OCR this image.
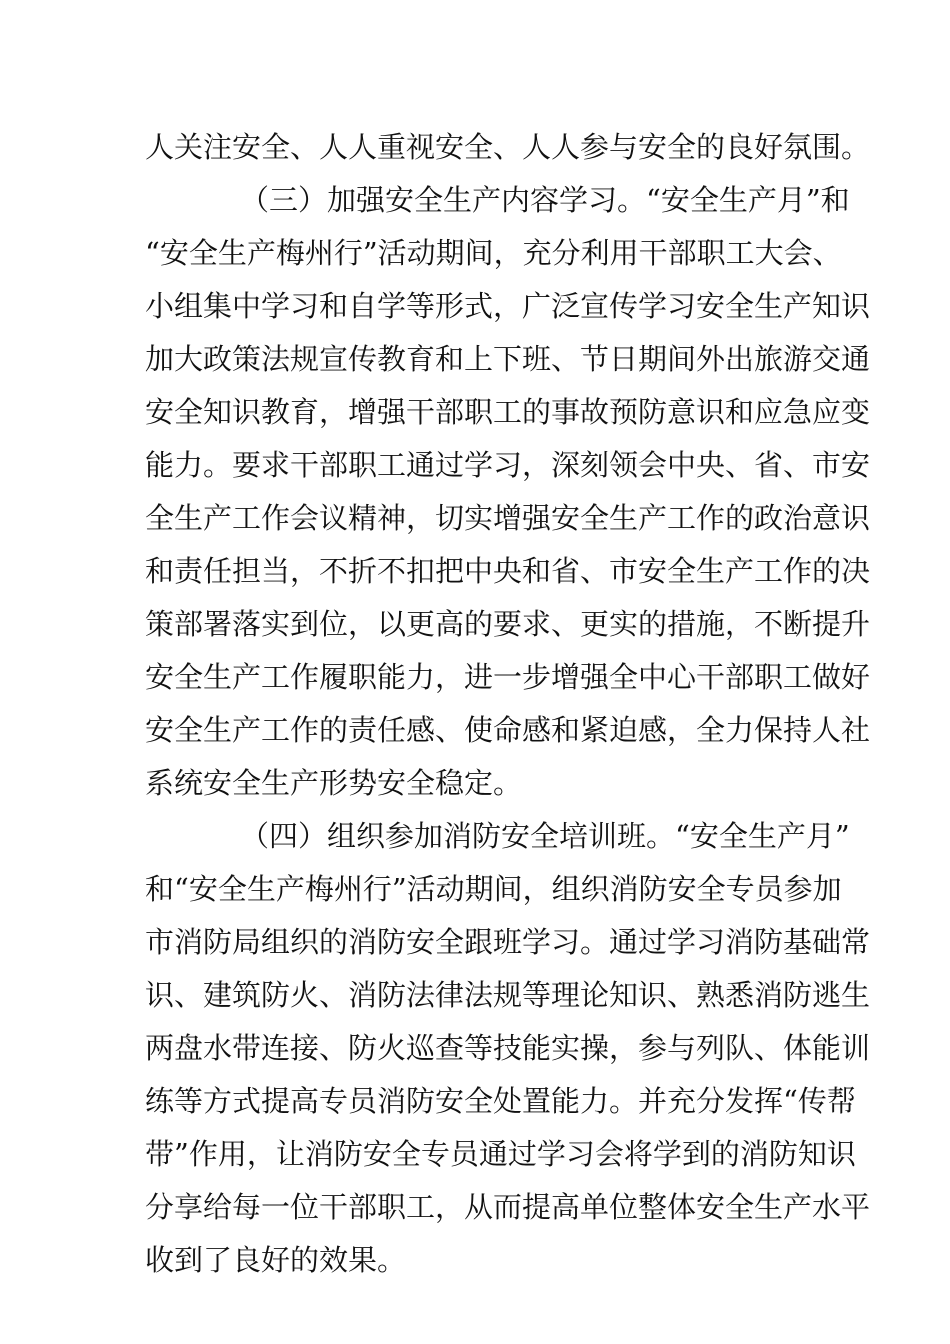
人关注安全、人人重视安全、人人参与安全的良好氛围。
（三）加强安全生产内容学习。“安全生产月”和
“安全生产梅州行”活动期间，充分利用干部职工大会、
小组集中学习和自学等形式，广泛宣传学习安全生产知识
加大政策法规宣传教育和上下班、节日期间外出旅游交通
安全知识教育，增强干部职工的事故预防意识和应急应变
能力。要求干部职工通过学习，深刻领会中央、省、市安
全生产工作会议精神，切实增强安全生产工作的政治意识
和责任担当，不折不扣把中央和省、市安全生产工作的决
策部署落实到位，以更高的要求、更实的措施，不断提升
安全生产工作履职能力，进一步增强全中心干部职工做好
安全生产工作的责任感、使命感和紧迫感，全力保持人社
系统安全生产形势安全稳定。
（四）组织参加消防安全培训班。“安全生产月”
和“安全生产梅州行”活动期间，组织消防安全专员参加
市消防局组织的消防安全跟班学习。通过学习消防基础常
识、建筑防火、消防法律法规等理论知识、熟悉消防逃生
两盘水带连接、防火巡查等技能实操，参与列队、体能训
练等方式提高专员消防安全处置能力。并充分发挥“传帮
带”作用，让消防安全专员通过学习会将学到的消防知识
分享给每一位干部职工，从而提高单位整体安全生产水平
收到了良好的效果。
